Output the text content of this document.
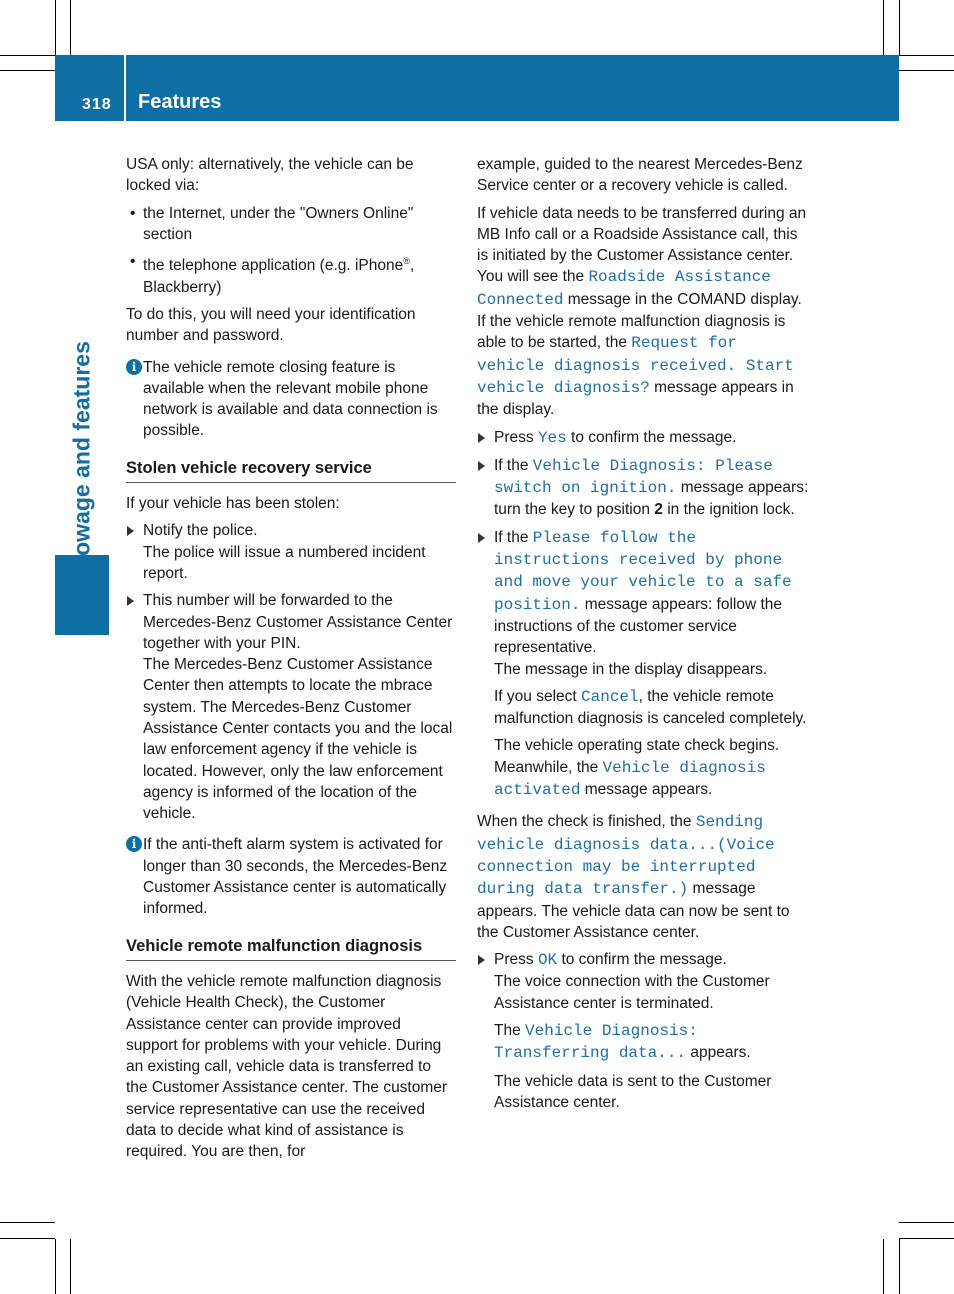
318 Features
Stowage and features

USA only: alternatively, the vehicle can be locked via:

• the Internet, under the "Owners Online" section
• the telephone application (e.g. iPhone®, Blackberry)

To do this, you will need your identification number and password.

i The vehicle remote closing feature is available when the relevant mobile phone network is available and data connection is possible.
Stolen vehicle recovery service

If your vehicle has been stolen:

Notify the police.
The police will issue a numbered incident report.
This number will be forwarded to the Mercedes-Benz Customer Assistance Center together with your PIN.
The Mercedes-Benz Customer Assistance Center then attempts to locate the mbrace system. The Mercedes-Benz Customer Assistance Center contacts you and the local law enforcement agency if the vehicle is located. However, only the law enforcement agency is informed of the location of the vehicle.
i If the anti-theft alarm system is activated for longer than 30 seconds, the Mercedes-Benz Customer Assistance center is automatically informed.
Vehicle remote malfunction diagnosis

With the vehicle remote malfunction diagnosis (Vehicle Health Check), the Customer Assistance center can provide improved support for problems with your vehicle. During an existing call, vehicle data is transferred to the Customer Assistance center. The customer service representative can use the received data to decide what kind of assistance is required. You are then, for

example, guided to the nearest Mercedes-Benz Service center or a recovery vehicle is called.

If vehicle data needs to be transferred during an MB Info call or a Roadside Assistance call, this is initiated by the Customer Assistance center. You will see the Roadside Assistance Connected message in the COMAND display. If the vehicle remote malfunction diagnosis is able to be started, the Request for vehicle diagnosis received. Start vehicle diagnosis? message appears in the display.

Press Yes to confirm the message.
If the Vehicle Diagnosis: Please switch on ignition. message appears: turn the key to position 2 in the ignition lock.
If the Please follow the instructions received by phone and move your vehicle to a safe position. message appears: follow the instructions of the customer service representative.
The message in the display disappears.
If you select Cancel, the vehicle remote malfunction diagnosis is canceled completely.
The vehicle operating state check begins. Meanwhile, the Vehicle diagnosis activated message appears.

When the check is finished, the Sending vehicle diagnosis data...(Voice connection may be interrupted during data transfer.) message appears. The vehicle data can now be sent to the Customer Assistance center.

Press OK to confirm the message.
The voice connection with the Customer Assistance center is terminated.
The Vehicle Diagnosis: Transferring data... appears.
The vehicle data is sent to the Customer Assistance center.
